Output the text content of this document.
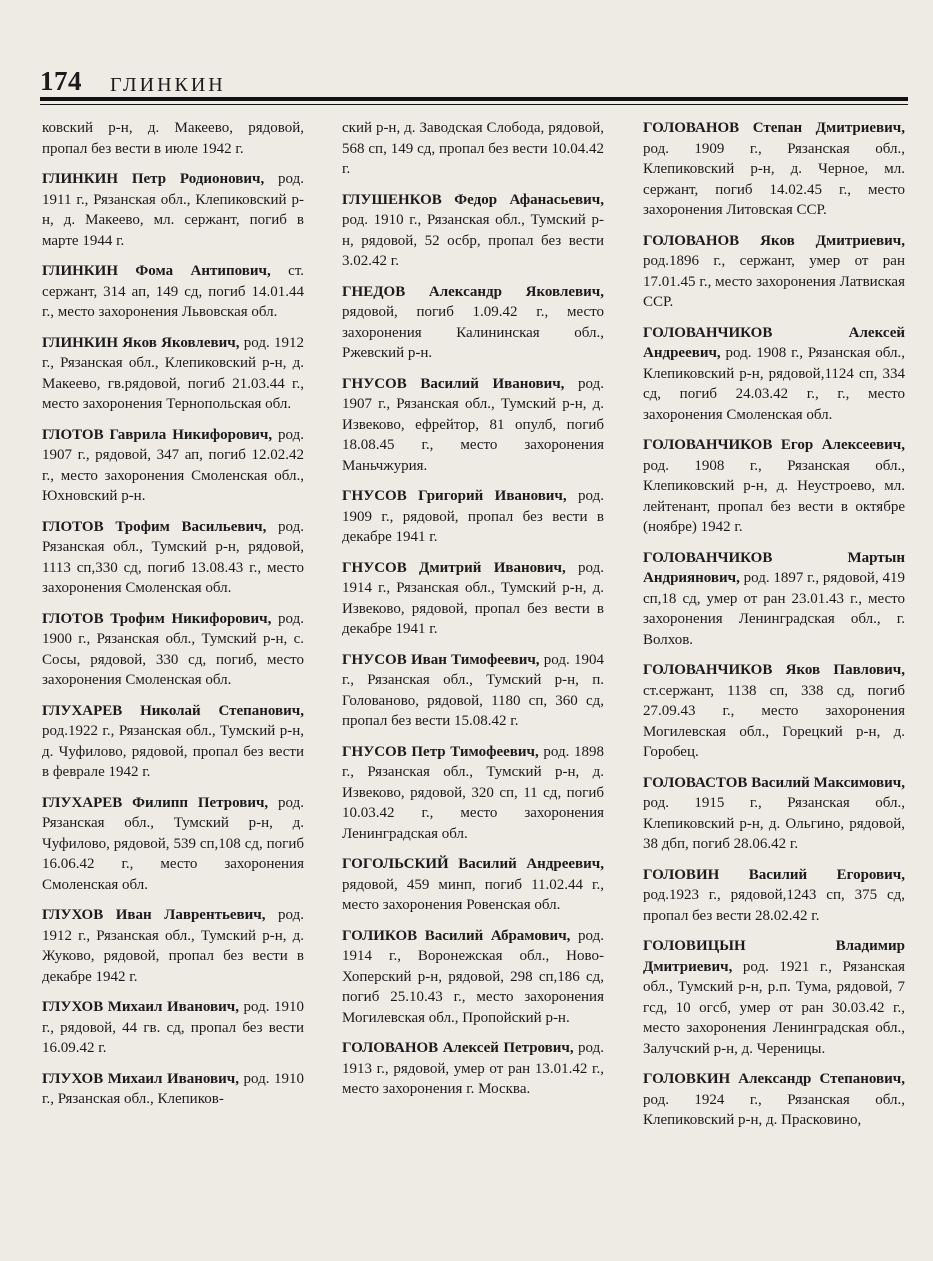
174 ГЛИНКИН

ковский р-н, д. Макеево, рядовой, пропал без вести в июле 1942 г.

ГЛИНКИН Петр Родионович, род. 1911 г., Рязанская обл., Клепиковский р-н, д. Макеево, мл. сержант, погиб в марте 1944 г.

ГЛИНКИН Фома Антипович, ст. сержант, 314 ап, 149 сд, погиб 14.01.44 г., место захоронения Львовская обл.

ГЛИНКИН Яков Яковлевич, род. 1912 г., Рязанская обл., Клепиковский р-н, д. Макеево, гв.рядовой, погиб 21.03.44 г., место захоронения Тернопольская обл.

ГЛОТОВ Гаврила Никифорович, род. 1907 г., рядовой, 347 ап, погиб 12.02.42 г., место захоронения Смоленская обл., Юхновский р-н.

ГЛОТОВ Трофим Васильевич, род. Рязанская обл., Тумский р-н, рядовой, 1113 сп,330 сд, погиб 13.08.43 г., место захоронения Смоленская обл.

ГЛОТОВ Трофим Никифорович, род. 1900 г., Рязанская обл., Тумский р-н, с. Сосы, рядовой, 330 сд, погиб, место захоронения Смоленская обл.

ГЛУХАРЕВ Николай Степанович, род.1922 г., Рязанская обл., Тумский р-н, д. Чуфилово, рядовой, пропал без вести в феврале 1942 г.

ГЛУХАРЕВ Филипп Петрович, род. Рязанская обл., Тумский р-н, д. Чуфилово, рядовой, 539 сп,108 сд, погиб 16.06.42 г., место захоронения Смоленская обл.

ГЛУХОВ Иван Лаврентьевич, род. 1912 г., Рязанская обл., Тумский р-н, д. Жуково, рядовой, пропал без вести в декабре 1942 г.

ГЛУХОВ Михаил Иванович, род. 1910 г., рядовой, 44 гв. сд, пропал без вести 16.09.42 г.

ГЛУХОВ Михаил Иванович, род. 1910 г., Рязанская обл., Клепиков-

ский р-н, д. Заводская Слобода, рядовой, 568 сп, 149 сд, пропал без вести 10.04.42 г.

ГЛУШЕНКОВ Федор Афанасьевич, род. 1910 г., Рязанская обл., Тумский р-н, рядовой, 52 осбр, пропал без вести 3.02.42 г.

ГНЕДОВ Александр Яковлевич, рядовой, погиб 1.09.42 г., место захоронения Калининская обл., Ржевский р-н.

ГНУСОВ Василий Иванович, род. 1907 г., Рязанская обл., Тумский р-н, д. Извеково, ефрейтор, 81 опулб, погиб 18.08.45 г., место захоронения Маньчжурия.

ГНУСОВ Григорий Иванович, род. 1909 г., рядовой, пропал без вести в декабре 1941 г.

ГНУСОВ Дмитрий Иванович, род. 1914 г., Рязанская обл., Тумский р-н, д. Извеково, рядовой, пропал без вести в декабре 1941 г.

ГНУСОВ Иван Тимофеевич, род. 1904 г., Рязанская обл., Тумский р-н, п. Голованово, рядовой, 1180 сп, 360 сд, пропал без вести 15.08.42 г.

ГНУСОВ Петр Тимофеевич, род. 1898 г., Рязанская обл., Тумский р-н, д. Извеково, рядовой, 320 сп, 11 сд, погиб 10.03.42 г., место захоронения Ленинградская обл.

ГОГОЛЬСКИЙ Василий Андреевич, рядовой, 459 минп, погиб 11.02.44 г., место захоронения Ровенская обл.

ГОЛИКОВ Василий Абрамович, род. 1914 г., Воронежская обл., Ново-Хоперский р-н, рядовой, 298 сп,186 сд, погиб 25.10.43 г., место захоронения Могилевская обл., Пропойский р-н.

ГОЛОВАНОВ Алексей Петрович, род. 1913 г., рядовой, умер от ран 13.01.42 г., место захоронения г. Москва.

ГОЛОВАНОВ Степан Дмитриевич, род. 1909 г., Рязанская обл., Клепиковский р-н, д. Черное, мл. сержант, погиб 14.02.45 г., место захоронения Литовская ССР.

ГОЛОВАНОВ Яков Дмитриевич, род.1896 г., сержант, умер от ран 17.01.45 г., место захоронения Латвиская ССР.

ГОЛОВАНЧИКОВ Алексей Андреевич, род. 1908 г., Рязанская обл., Клепиковский р-н, рядовой,1124 сп, 334 сд, погиб 24.03.42 г., г., место захоронения Смоленская обл.

ГОЛОВАНЧИКОВ Егор Алексеевич, род. 1908 г., Рязанская обл., Клепиковский р-н, д. Неустроево, мл. лейтенант, пропал без вести в октябре (ноябре) 1942 г.

ГОЛОВАНЧИКОВ Мартын Андриянович, род. 1897 г., рядовой, 419 сп,18 сд, умер от ран 23.01.43 г., место захоронения Ленинградская обл., г. Волхов.

ГОЛОВАНЧИКОВ Яков Павлович, ст.сержант, 1138 сп, 338 сд, погиб 27.09.43 г., место захоронения Могилевская обл., Горецкий р-н, д. Горобец.

ГОЛОВАСТОВ Василий Максимович, род. 1915 г., Рязанская обл., Клепиковский р-н, д. Ольгино, рядовой, 38 дбп, погиб 28.06.42 г.

ГОЛОВИН Василий Егорович, род.1923 г., рядовой,1243 сп, 375 сд, пропал без вести 28.02.42 г.

ГОЛОВИЦЫН Владимир Дмитриевич, род. 1921 г., Рязанская обл., Тумский р-н, р.п. Тума, рядовой, 7 гсд, 10 огсб, умер от ран 30.03.42 г., место захоронения Ленинградская обл., Залучский р-н, д. Череницы.

ГОЛОВКИН Александр Степанович, род. 1924 г., Рязанская обл., Клепиковский р-н, д. Прасковино,
